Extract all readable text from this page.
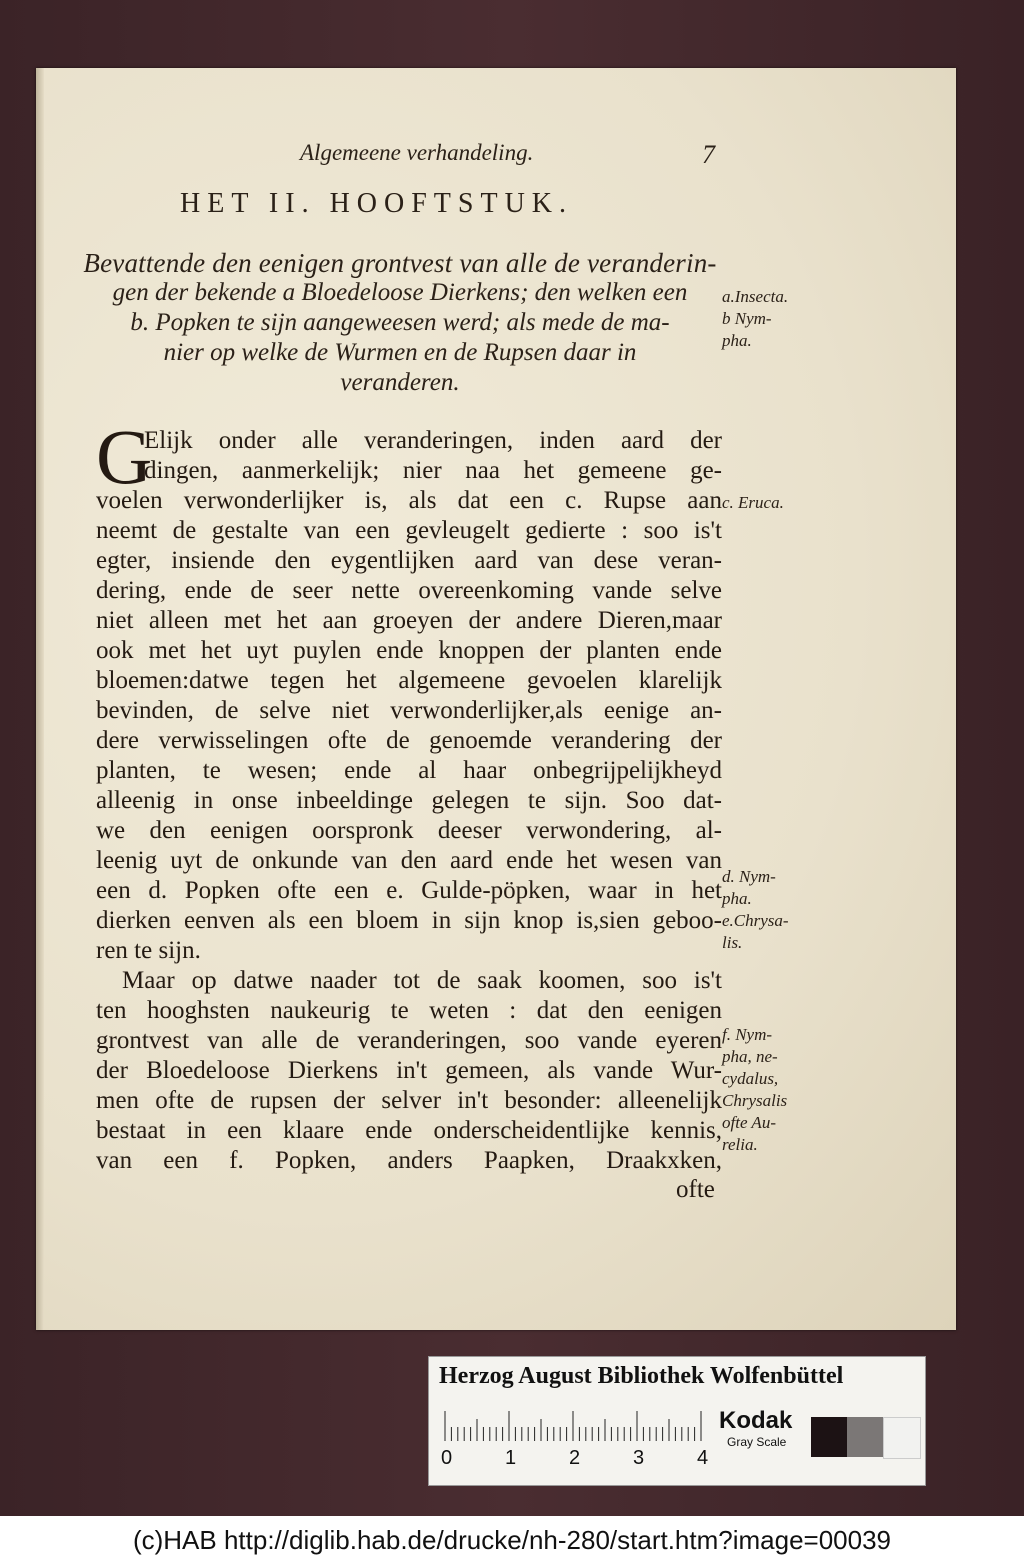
Algemeene verhandeling.	7
HET II. HOOFTSTUK.
Bevattende den eenigen grontvest van alle de veranderin-
gen der bekende a Bloedeloose Dierkens; den welken een
b. Popken te sijn aangeweesen werd; als mede de ma-
nier op welke de Wurmen en de Rupsen daar in
veranderen.
a.Insecta.
b Nym-
pha.
c. Eruca.
d. Nym-
pha.
e.Chrysa-
lis.
f. Nym-
pha, ne-
cydalus,
Chrysalis
ofte Au-
relia.
G
Elijk onder alle veranderingen, inden aard der
dingen, aanmerkelijk; nier naa het gemeene ge-
voelen verwonderlijker is, als dat een c. Rupse aan
neemt de gestalte van een gevleugelt gedierte : soo is't
egter, insiende den eygentlijken aard van dese veran-
dering, ende de seer nette overeenkoming vande selve
niet alleen met het aan groeyen der andere Dieren,maar
ook met het uyt puylen ende knoppen der planten ende
bloemen:datwe tegen het algemeene gevoelen klarelijk
bevinden, de selve niet verwonderlijker,als eenige an-
dere verwisselingen ofte de genoemde verandering der
planten, te wesen; ende al haar onbegrijpelijkheyd
alleenig in onse inbeeldinge gelegen te sijn. Soo dat-
we den eenigen oorspronk deeser verwondering, al-
leenig uyt de onkunde van den aard ende het wesen van
een d. Popken ofte een e. Gulde-pöpken, waar in het
dierken eenven als een bloem in sijn knop is,sien geboo-
ren te sijn.
Maar op datwe naader tot de saak koomen, soo is't
ten hooghsten naukeurig te weten : dat den eenigen
grontvest van alle de veranderingen, soo vande eyeren
der Bloedeloose Dierkens in't gemeen, als vande Wur-
men ofte de rupsen der selver in't besonder: alleenelijk
bestaat in een klaare ende onderscheidentlijke kennis,
van een f. Popken, anders Paapken, Draakxken,
ofte
Herzog August Bibliothek Wolfenbüttel
0	1	2	3	4
Kodak
Gray Scale
(c)HAB http://diglib.hab.de/drucke/nh-280/start.htm?image=00039
